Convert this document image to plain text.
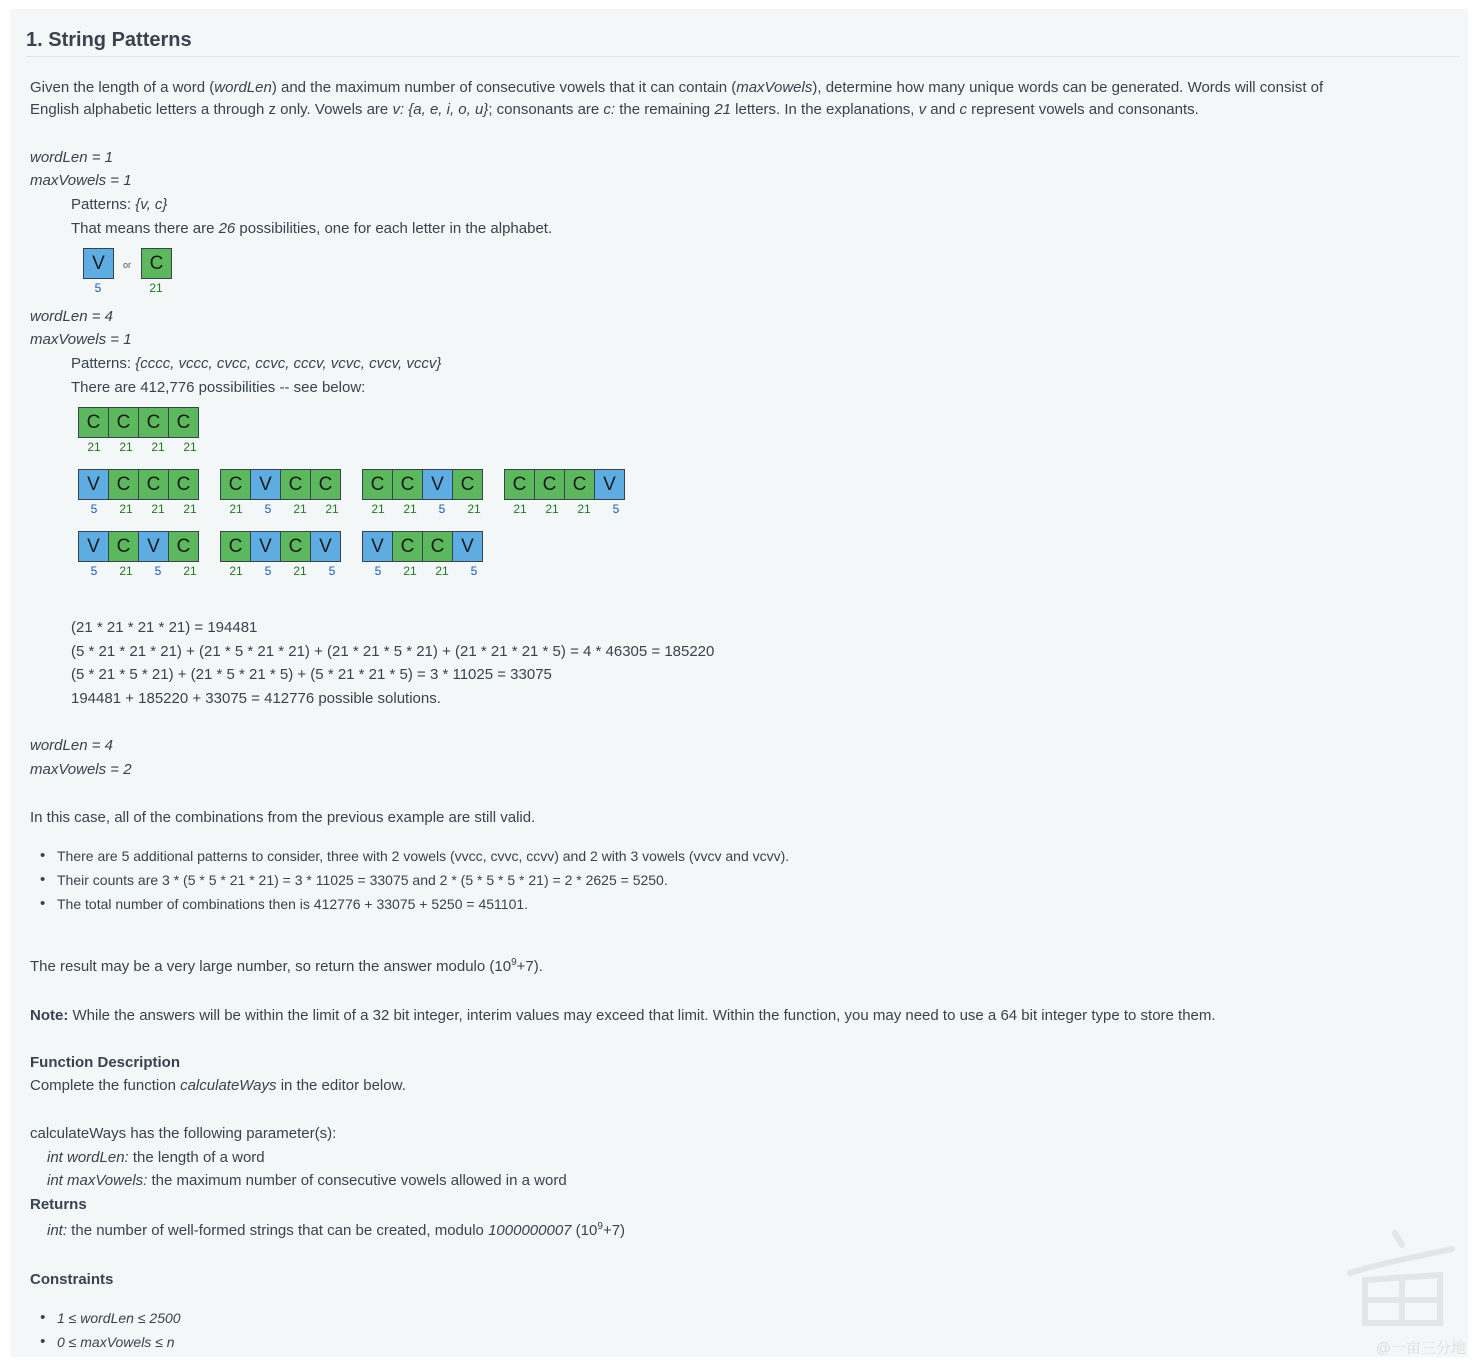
1. String Patterns
Given the length of a word (wordLen) and the maximum number of consecutive vowels that it can contain (maxVowels), determine how many unique words can be generated. Words will consist of
English alphabetic letters a through z only. Vowels are v: {a, e, i, o, u}; consonants are c: the remaining 21 letters. In the explanations, v and c represent vowels and consonants.
wordLen = 1
maxVowels = 1
Patterns: {v, c}
That means there are 26 possibilities, one for each letter in the alphabet.
V
5
or C
21
wordLen = 4
maxVowels = 1
Patterns: {cccc, vccc, cvcc, ccvc, cccv, vcvc, cvcv, vccv}
There are 412,776 possibilities -- see below:
C C C C
21	21	21	21
V C C C
5	21	21	21
C V C C
21	5	21	21
C C V C
21	21	5	21
C C C V
21	21	21	5
V C V C
5	21	5	21
C V C V
21	5	21	5
V C C V
5	21	21	5
(21 * 21 * 21 * 21) = 194481
(5 * 21 * 21 * 21) + (21 * 5 * 21 * 21) + (21 * 21 * 5 * 21) + (21 * 21 * 21 * 5) = 4 * 46305 = 185220
(5 * 21 * 5 * 21) + (21 * 5 * 21 * 5) + (5 * 21 * 21 * 5) = 3 * 11025 = 33075
194481 + 185220 + 33075 = 412776 possible solutions.
wordLen = 4
maxVowels = 2
In this case, all of the combinations from the previous example are still valid.
• There are 5 additional patterns to consider, three with 2 vowels (vvcc, cvvc, ccvv) and 2 with 3 vowels (vvcv and vcvv).
• Their counts are 3 * (5 * 5 * 21 * 21) = 3 * 11025 = 33075 and 2 * (5 * 5 * 5 * 21) = 2 * 2625 = 5250.
• The total number of combinations then is 412776 + 33075 + 5250 = 451101.
The result may be a very large number, so return the answer modulo $(10^9+7)$.
Note: While the answers will be within the limit of a 32 bit integer, interim values may exceed that limit. Within the function, you may need to use a 64 bit integer type to store them.
Function Description
Complete the function calculateWays in the editor below.
calculateWays has the following parameter(s):
int wordLen: the length of a word
int maxVowels: the maximum number of consecutive vowels allowed in a word
Returns
int: the number of well-formed strings that can be created, modulo 1000000007 $(10^9+7)$
Constraints
• 1 ≤ wordLen ≤ 2500
• 0 ≤ maxVowels ≤ n	@一亩三分地
